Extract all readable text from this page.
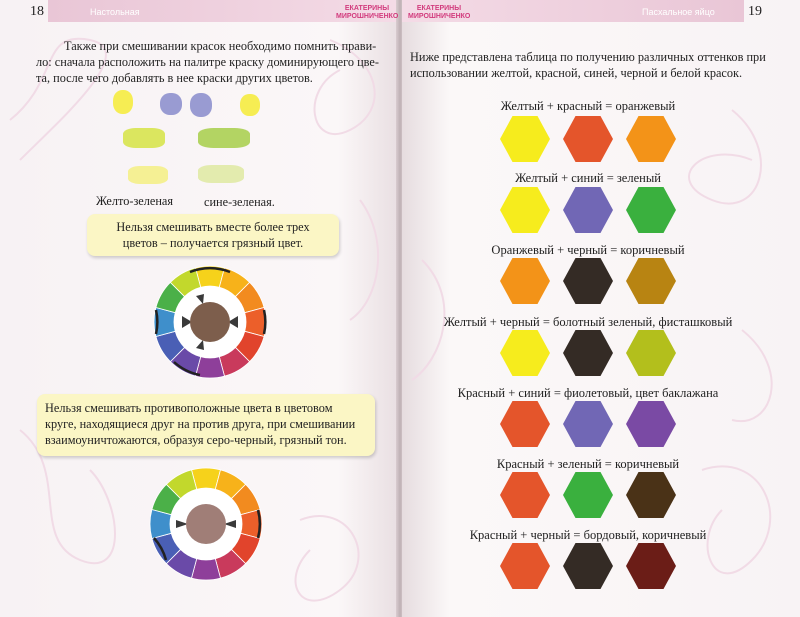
18	Настольная
Также при смешивании красок необходимо помнить прави-
ло: сначала расположить на палитре краску доминирующего цве-
та, после чего добавлять в нее краски других цветов.
Желто-зеленая	сине-зеленая.
Нельзя смешивать вместе более трех
цветов – получается грязный цвет.
Нельзя смешивать противоположные цвета в цветовом
круге, находящиеся друг на против друга, при смешивании
взаимоуничтожаются, образуя серо-черный, грязный тон.
ЕКАТЕРИНЫ МИРОШНИЧЕНКО
ЕКАТЕРИНЫ МИРОШНИЧЕНКО	Пасхальное яйцо 19
Ниже представлена таблица по получению различных оттенков при
использовании желтой, красной, синей, черной и белой красок.
Желтый + красный = оранжевый
Желтый + синий = зеленый
Оранжевый + черный = коричневый
Желтый + черный = болотный зеленый, фисташковый
Красный + синий = фиолетовый, цвет баклажана
Красный + зеленый = коричневый
Красный + черный = бордовый, коричневый
